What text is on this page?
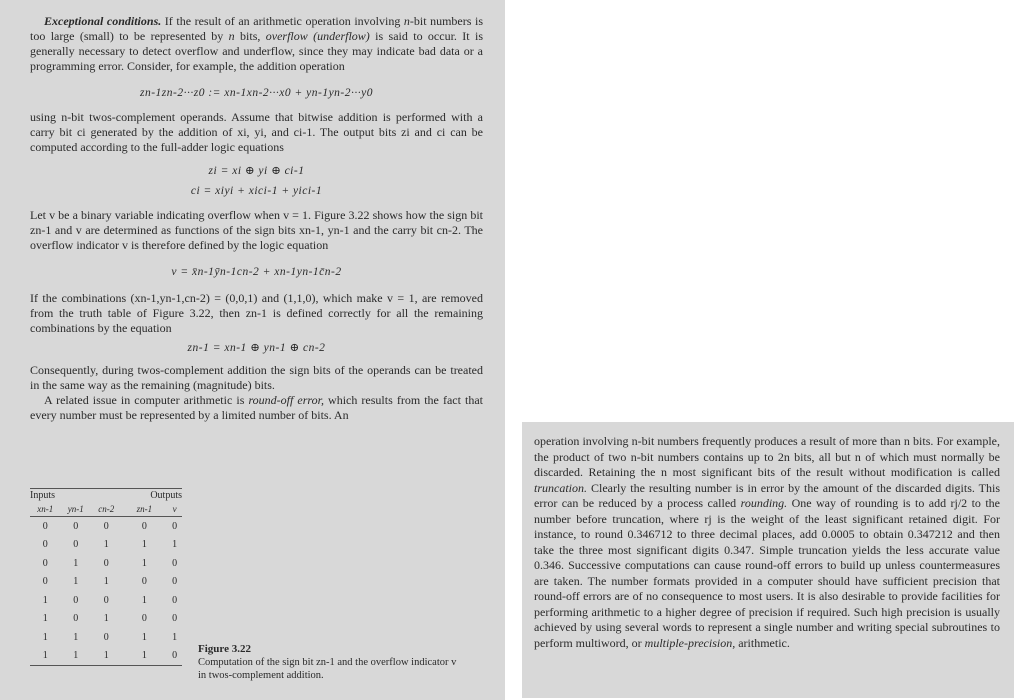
Exceptional conditions. If the result of an arithmetic operation involving n-bit numbers is too large (small) to be represented by n bits, overflow (underflow) is said to occur. It is generally necessary to detect overflow and underflow, since they may indicate bad data or a programming error. Consider, for example, the addition operation

zn-1zn-2···z0 := xn-1xn-2···x0 + yn-1yn-2···y0

using n-bit twos-complement operands. Assume that bitwise addition is performed with a carry bit ci generated by the addition of xi, yi, and ci-1. The output bits zi and ci can be computed according to the full-adder logic equations

zi = xi ⊕ yi ⊕ ci-1
ci = xiyi + xici-1 + yici-1

Let v be a binary variable indicating overflow when v = 1. Figure 3.22 shows how the sign bit zn-1 and v are determined as functions of the sign bits xn-1, yn-1 and the carry bit cn-2. The overflow indicator v is therefore defined by the logic equation

v = x̄n-1ȳn-1cn-2 + xn-1yn-1c̄n-2

If the combinations (xn-1,yn-1,cn-2) = (0,0,1) and (1,1,0), which make v = 1, are removed from the truth table of Figure 3.22, then zn-1 is defined correctly for all the remaining combinations by the equation

zn-1 = xn-1 ⊕ yn-1 ⊕ cn-2

Consequently, during twos-complement addition the sign bits of the operands can be treated in the same way as the remaining (magnitude) bits.

A related issue in computer arithmetic is round-off error, which results from the fact that every number must be represented by a limited number of bits. An

Inputs			Outputs	
xn-1	yn-1	cn-2	zn-1	v
0	0	0	0	0
0	0	1	1	1
0	1	0	1	0
0	1	1	0	0
1	0	0	1	0
1	0	1	0	0
1	1	0	1	1
1	1	1	1	0
Figure 3.22
Computation of the sign bit zn-1 and the overflow indicator v in twos-complement addition.

operation involving n-bit numbers frequently produces a result of more than n bits. For example, the product of two n-bit numbers contains up to 2n bits, all but n of which must normally be discarded. Retaining the n most significant bits of the result without modification is called truncation. Clearly the resulting number is in error by the amount of the discarded digits. This error can be reduced by a process called rounding. One way of rounding is to add rj/2 to the number before truncation, where rj is the weight of the least significant retained digit. For instance, to round 0.346712 to three decimal places, add 0.0005 to obtain 0.347212 and then take the three most significant digits 0.347. Simple truncation yields the less accurate value 0.346. Successive computations can cause round-off errors to build up unless countermeasures are taken. The number formats provided in a computer should have sufficient precision that round-off errors are of no consequence to most users. It is also desirable to provide facilities for performing arithmetic to a higher degree of precision if required. Such high precision is usually achieved by using several words to represent a single number and writing special subroutines to perform multiword, or multiple-precision, arithmetic.
